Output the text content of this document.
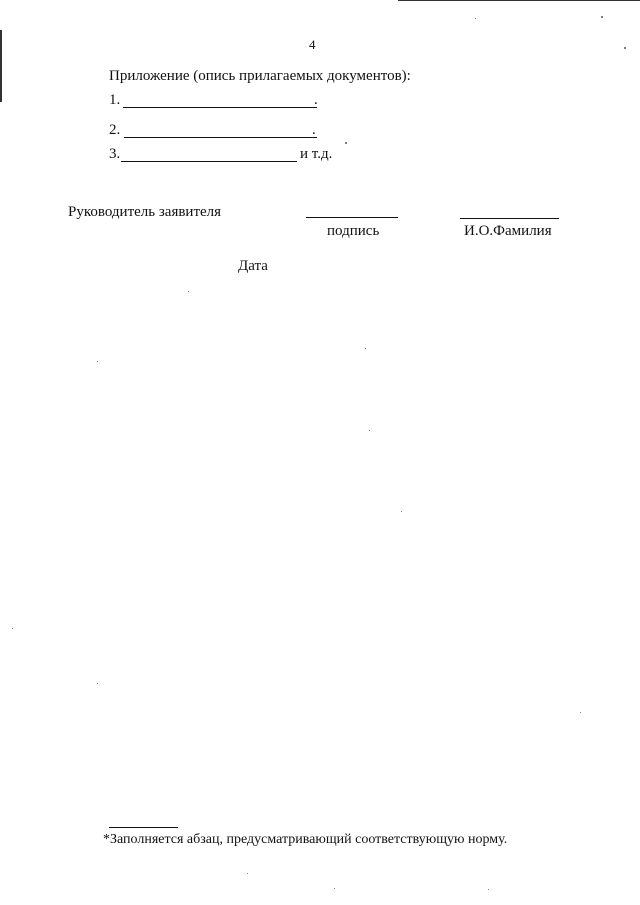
4
Приложение (опись прилагаемых документов):
1.	.
2.	.
3.	и т.д.
Руководитель заявителя
подпись	И.О.Фамилия
Дата
*Заполняется абзац, предусматривающий соответствующую норму.
